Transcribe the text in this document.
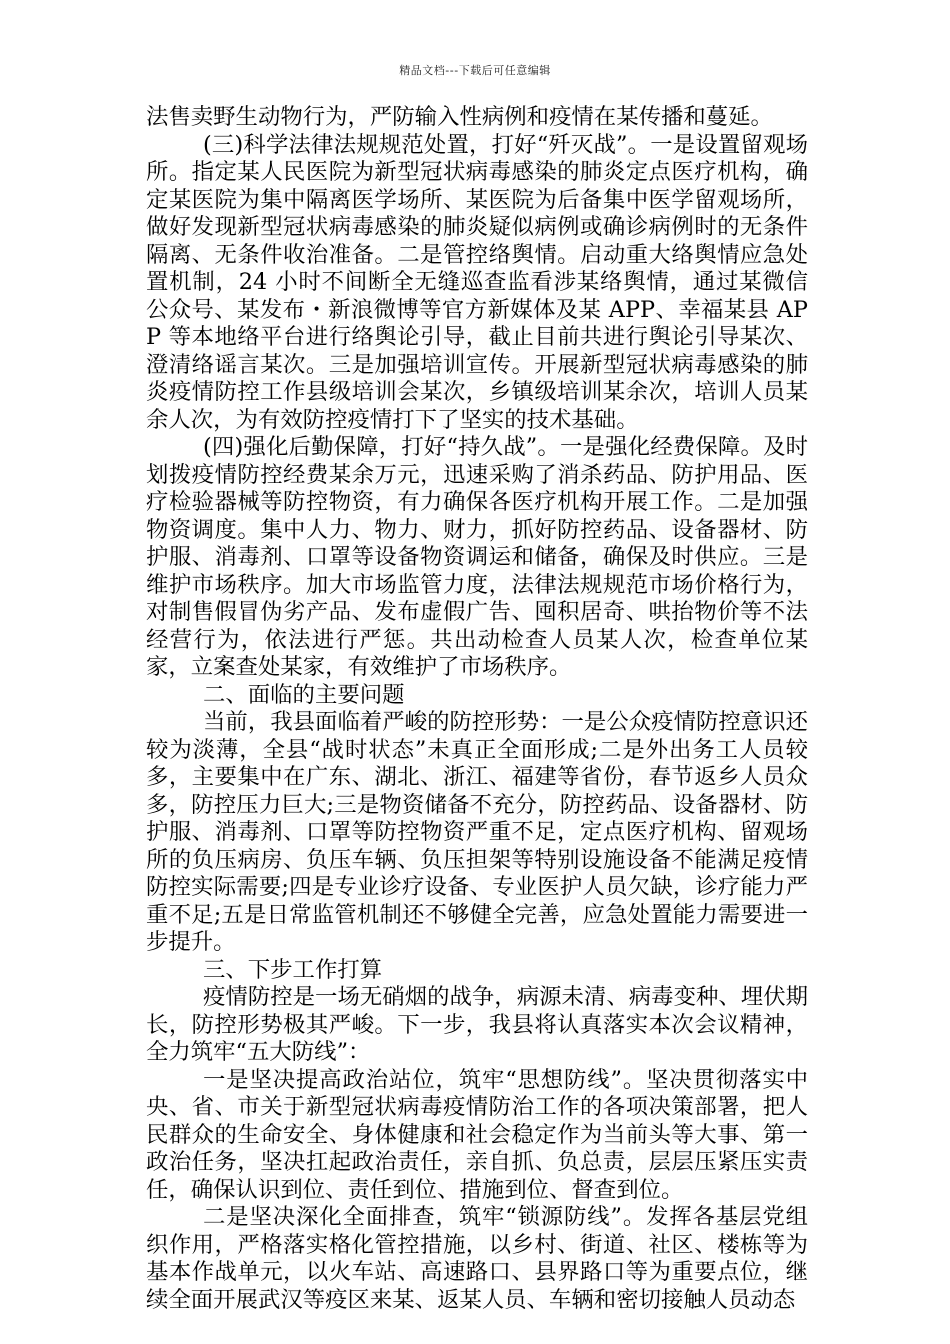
精品文档---下载后可任意编辑

法售卖野生动物行为，严防输入性病例和疫情在某传播和蔓延。

(三)科学法律法规规范处置，打好“歼灭战”。一是设置留观场所。指定某人民医院为新型冠状病毒感染的肺炎定点医疗机构，确定某医院为集中隔离医学场所、某医院为后备集中医学留观场所，做好发现新型冠状病毒感染的肺炎疑似病例或确诊病例时的无条件隔离、无条件收治准备。二是管控络舆情。启动重大络舆情应急处置机制，24 小时不间断全无缝巡查监看涉某络舆情，通过某微信公众号、某发布・新浪微博等官方新媒体及某 APP、幸福某县 APP 等本地络平台进行络舆论引导，截止目前共进行舆论引导某次、澄清络谣言某次。三是加强培训宣传。开展新型冠状病毒感染的肺炎疫情防控工作县级培训会某次，乡镇级培训某余次，培训人员某余人次，为有效防控疫情打下了坚实的技术基础。

(四)强化后勤保障，打好“持久战”。一是强化经费保障。及时划拨疫情防控经费某余万元，迅速采购了消杀药品、防护用品、医疗检验器械等防控物资，有力确保各医疗机构开展工作。二是加强物资调度。集中人力、物力、财力，抓好防控药品、设备器材、防护服、消毒剂、口罩等设备物资调运和储备，确保及时供应。三是维护市场秩序。加大市场监管力度，法律法规规范市场价格行为，对制售假冒伪劣产品、发布虚假广告、囤积居奇、哄抬物价等不法经营行为，依法进行严惩。共出动检查人员某人次，检查单位某家，立案查处某家，有效维护了市场秩序。

二、面临的主要问题

当前，我县面临着严峻的防控形势：一是公众疫情防控意识还较为淡薄，全县“战时状态”未真正全面形成;二是外出务工人员较多，主要集中在广东、湖北、浙江、福建等省份，春节返乡人员众多，防控压力巨大;三是物资储备不充分，防控药品、设备器材、防护服、消毒剂、口罩等防控物资严重不足，定点医疗机构、留观场所的负压病房、负压车辆、负压担架等特别设施设备不能满足疫情防控实际需要;四是专业诊疗设备、专业医护人员欠缺，诊疗能力严重不足;五是日常监管机制还不够健全完善，应急处置能力需要进一步提升。

三、下步工作打算

疫情防控是一场无硝烟的战争，病源未清、病毒变种、埋伏期长，防控形势极其严峻。下一步，我县将认真落实本次会议精神，全力筑牢“五大防线”：

一是坚决提高政治站位，筑牢“思想防线”。坚决贯彻落实中央、省、市关于新型冠状病毒疫情防治工作的各项决策部署，把人民群众的生命安全、身体健康和社会稳定作为当前头等大事、第一政治任务，坚决扛起政治责任，亲自抓、负总责，层层压紧压实责任，确保认识到位、责任到位、措施到位、督查到位。

二是坚决深化全面排查，筑牢“锁源防线”。发挥各基层党组织作用，严格落实格化管控措施，以乡村、街道、社区、楼栋等为基本作战单元，以火车站、高速路口、县界路口等为重要点位，继续全面开展武汉等疫区来某、返某人员、车辆和密切接触人员动态
